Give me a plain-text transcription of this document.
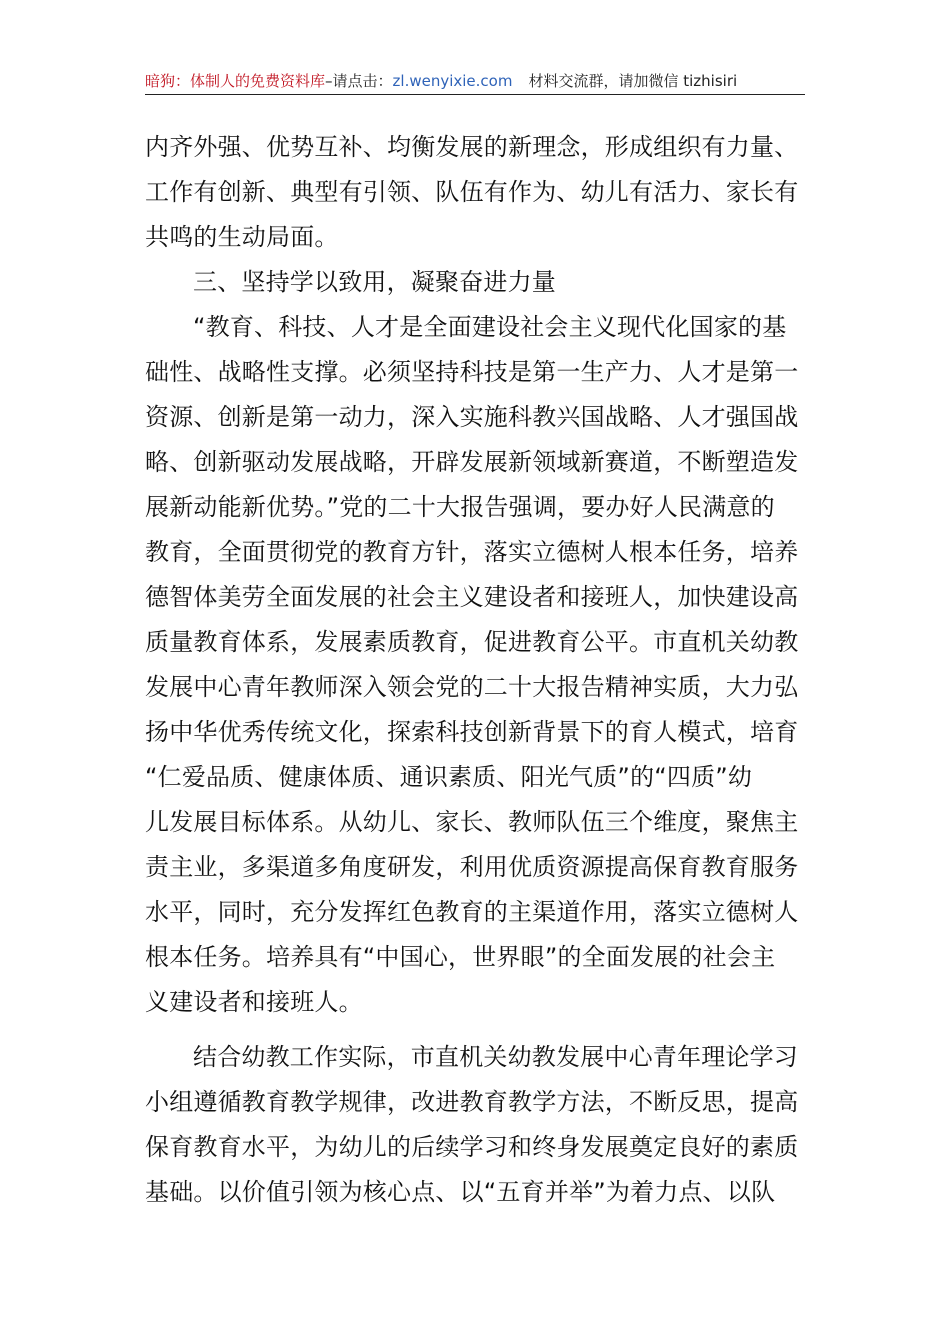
暗狗：体制人的免费资料库–请点击：zl.wenyixie.com 材料交流群，请加微信 tizhisiri
内齐外强、优势互补、均衡发展的新理念，形成组织有力量、
工作有创新、典型有引领、队伍有作为、幼儿有活力、家长有
共鸣的生动局面。
三、坚持学以致用，凝聚奋进力量
“教育、科技、人才是全面建设社会主义现代化国家的基
础性、战略性支撑。必须坚持科技是第一生产力、人才是第一
资源、创新是第一动力，深入实施科教兴国战略、人才强国战
略、创新驱动发展战略，开辟发展新领域新赛道，不断塑造发
展新动能新优势。”党的二十大报告强调，要办好人民满意的
教育，全面贯彻党的教育方针，落实立德树人根本任务，培养
德智体美劳全面发展的社会主义建设者和接班人，加快建设高
质量教育体系，发展素质教育，促进教育公平。市直机关幼教
发展中心青年教师深入领会党的二十大报告精神实质，大力弘
扬中华优秀传统文化，探索科技创新背景下的育人模式，培育
“仁爱品质、健康体质、通识素质、阳光气质”的“四质”幼
儿发展目标体系。从幼儿、家长、教师队伍三个维度，聚焦主
责主业，多渠道多角度研发，利用优质资源提高保育教育服务
水平，同时，充分发挥红色教育的主渠道作用，落实立德树人
根本任务。培养具有“中国心，世界眼”的全面发展的社会主
义建设者和接班人。
结合幼教工作实际，市直机关幼教发展中心青年理论学习
小组遵循教育教学规律，改进教育教学方法，不断反思，提高
保育教育水平，为幼儿的后续学习和终身发展奠定良好的素质
基础。以价值引领为核心点、以“五育并举”为着力点、以队
